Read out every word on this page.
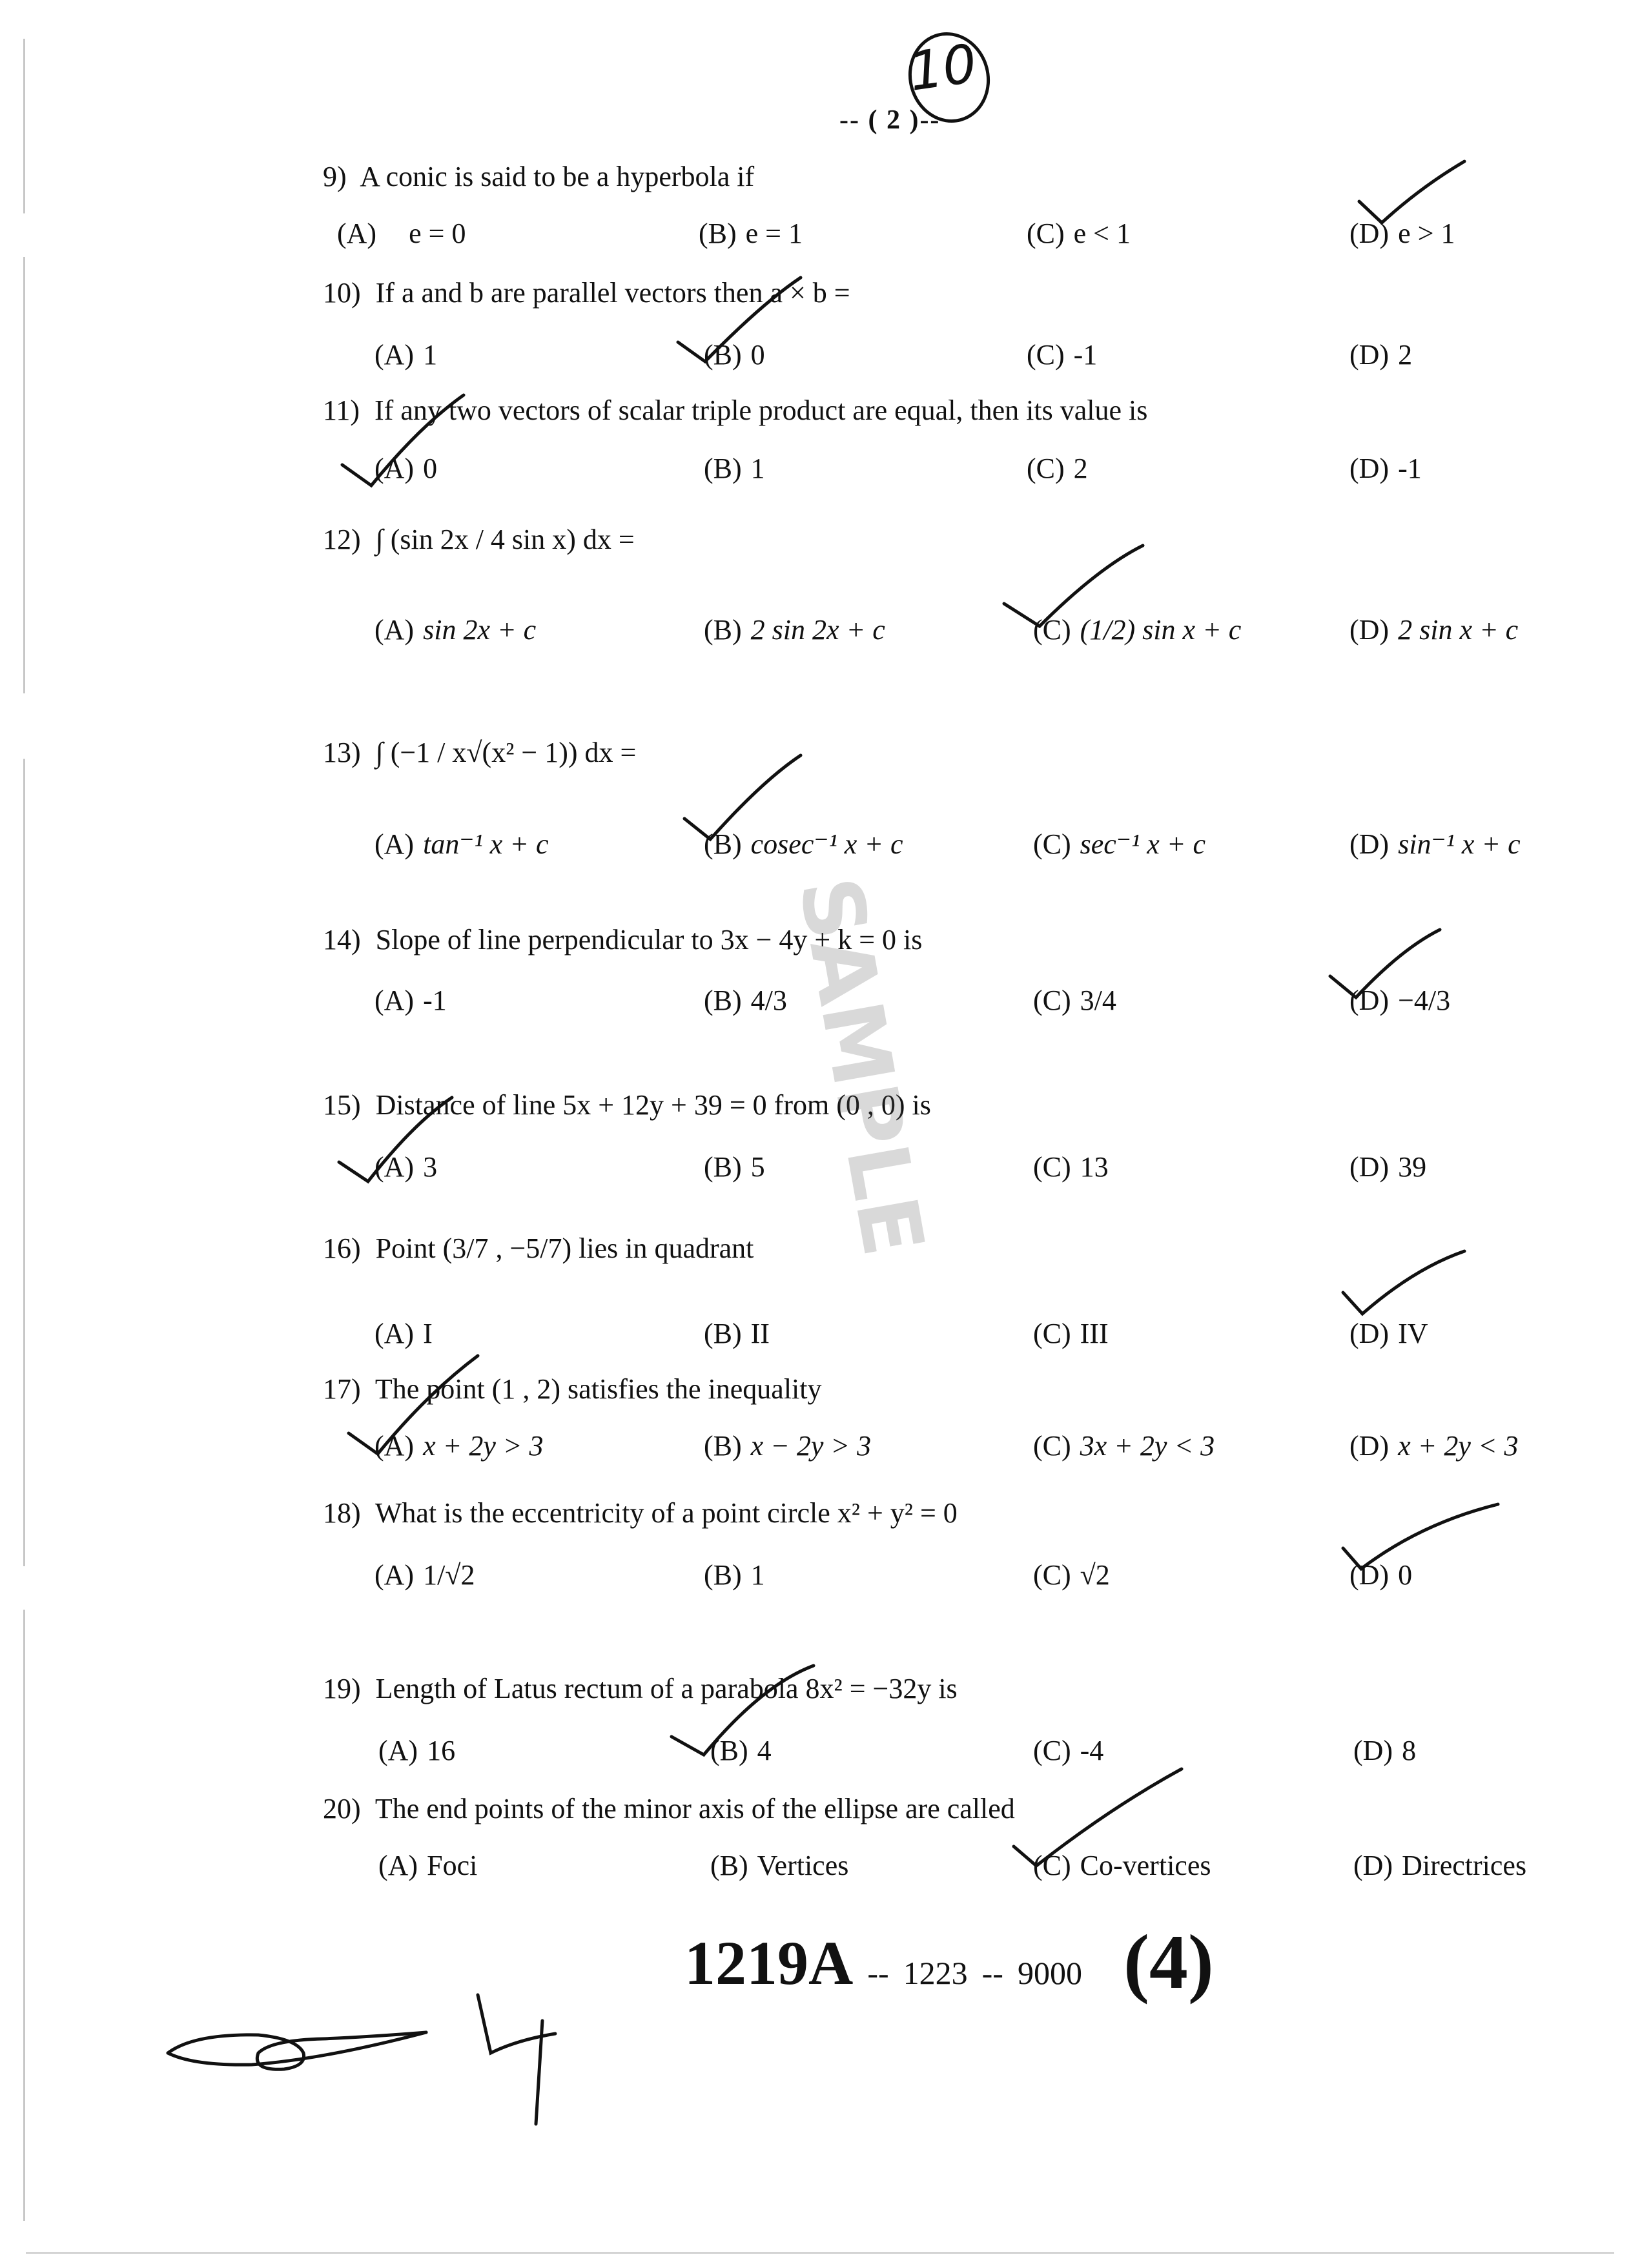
-- ( 2 )--
10
9) A conic is said to be a hyperbola if
(A) e = 0	(B) e = 1	(C) e < 1	(D) e > 1
10) If a and b are parallel vectors then a × b =
(A) 1	(B) 0	(C) -1	(D) 2
11) If any two vectors of scalar triple product are equal, then its value is
(A) 0	(B) 1	(C) 2	(D) -1
12) ∫ (sin 2x / 4 sin x) dx =
(A) sin 2x + c	(B) 2 sin 2x + c	(C) (1/2) sin x + c	(D) 2 sin x + c
13) ∫ (−1 / x√(x² − 1)) dx =
(A) tan⁻¹ x + c	(B) cosec⁻¹ x + c	(C) sec⁻¹ x + c	(D) sin⁻¹ x + c
14) Slope of line perpendicular to 3x − 4y + k = 0 is
(A) -1	(B) 4/3	(C) 3/4	(D) −4/3
15) Distance of line 5x + 12y + 39 = 0 from (0 , 0) is
(A) 3	(B) 5	(C) 13	(D) 39
16) Point (3/7 , −5/7) lies in quadrant
(A) I	(B) II	(C) III	(D) IV
17) The point (1 , 2) satisfies the inequality
(A) x + 2y > 3	(B) x − 2y > 3	(C) 3x + 2y < 3	(D) x + 2y < 3
18) What is the eccentricity of a point circle x² + y² = 0
(A) 1/√2	(B) 1	(C) √2	(D) 0
19) Length of Latus rectum of a parabola 8x² = −32y is
(A) 16	(B) 4	(C) -4	(D) 8
20) The end points of the minor axis of the ellipse are called
(A) Foci	(B) Vertices	(C) Co-vertices	(D) Directrices
SAMPLE
1219A -- 1223 -- 9000 (4)
